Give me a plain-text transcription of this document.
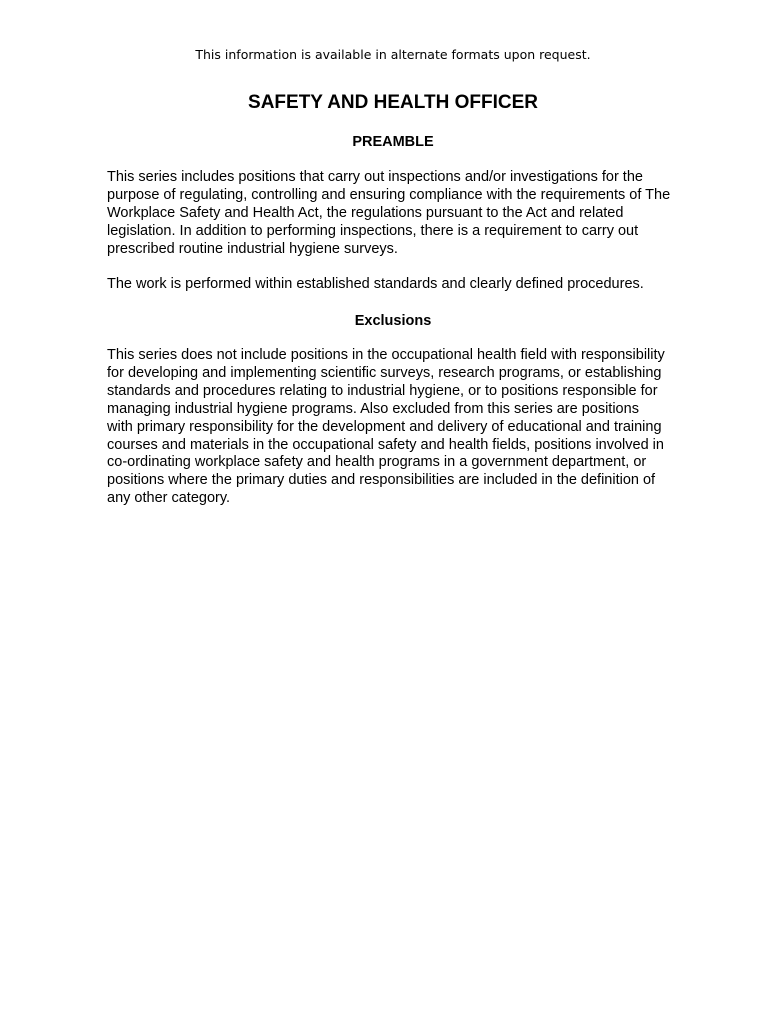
This information is available in alternate formats upon request.
SAFETY AND HEALTH OFFICER
PREAMBLE

This series includes positions that carry out inspections and/or investigations for the
purpose of regulating, controlling and ensuring compliance with the requirements of The
Workplace Safety and Health Act, the regulations pursuant to the Act and related
legislation. In addition to performing inspections, there is a requirement to carry out
prescribed routine industrial hygiene surveys.

The work is performed within established standards and clearly defined procedures.

Exclusions

This series does not include positions in the occupational health field with responsibility
for developing and implementing scientific surveys, research programs, or establishing
standards and procedures relating to industrial hygiene, or to positions responsible for
managing industrial hygiene programs. Also excluded from this series are positions
with primary responsibility for the development and delivery of educational and training
courses and materials in the occupational safety and health fields, positions involved in
co-ordinating workplace safety and health programs in a government department, or
positions where the primary duties and responsibilities are included in the definition of
any other category.
